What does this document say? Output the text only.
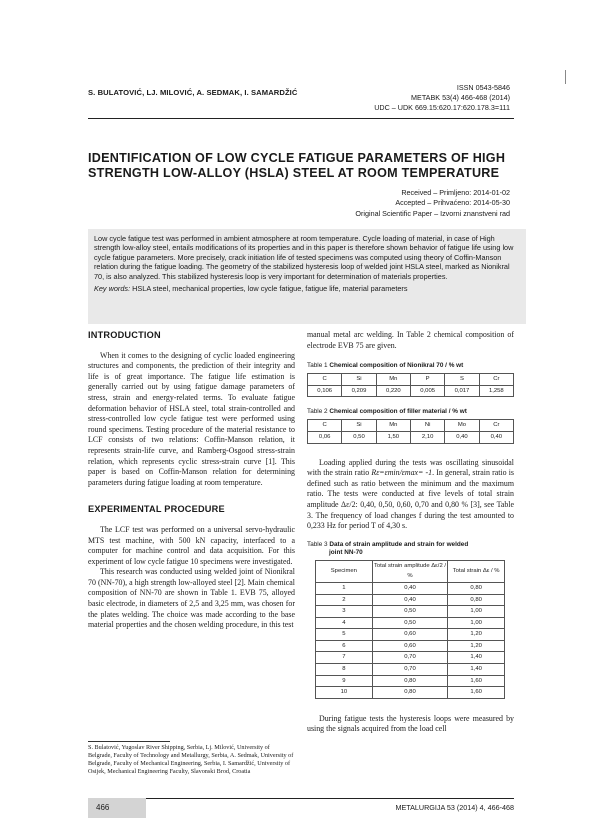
S. BULATOVIĆ, LJ. MILOVIĆ, A. SEDMAK, I. SAMARDŽIĆ
ISSN 0543-5846
METABK 53(4) 466-468 (2014)
UDC – UDK 669.15:620.17:620.178.3=111
IDENTIFICATION OF LOW CYCLE FATIGUE PARAMETERS OF HIGH STRENGTH LOW-ALLOY (HSLA) STEEL AT ROOM TEMPERATURE
Received – Primljeno: 2014-01-02
Accepted – Prihvaćeno: 2014-05-30
Original Scientific Paper – Izvorni znanstveni rad

Low cycle fatigue test was performed in ambient atmosphere at room temperature. Cycle loading of material, in case of High strength low-alloy steel, entails modifications of its properties and in this paper is therefore shown behavior of fatigue life using low cycle fatigue parameters. More precisely, crack initiation life of tested specimens was computed using theory of Coffin-Manson relation during the fatigue loading. The geometry of the stabilized hysteresis loop of welded joint HSLA steel, marked as Nionikral 70, is also analyzed. This stabilized hysteresis loop is very important for determination of materials properties.

Key words: HSLA steel, mechanical properties, low cycle fatigue, fatigue life, material parameters

INTRODUCTION

When it comes to the designing of cyclic loaded engineering structures and components, the prediction of their integrity and life is of great importance. The fatigue life estimation is generally carried out by using fatigue damage parameters of stress, strain and energy-related terms. To evaluate fatigue deformation behavior of HSLA steel, total strain-controlled and stress-controlled low cycle fatigue test were performed using round specimens. Testing procedure of the material resistance to LCF consists of two relations: Coffin-Manson relation, it represents strain-life curve, and Ramberg-Osgood stress-strain relation, which represents cyclic stress-strain curve [1]. This paper is based on Coffin-Manson relation for determining parameters during fatigue loading at room temperature.

EXPERIMENTAL PROCEDURE

The LCF test was performed on a universal servo-hydraulic MTS test machine, with 500 kN capacity, interfaced to a computer for machine control and data acquisition. For this experiment of low cycle fatigue 10 specimens were investigated.

This research was conducted using welded joint of Nionikral 70 (NN-70), a high strength low-alloyed steel [2]. Main chemical composition of NN-70 are shown in Table 1. EVB 75, alloyed basic electrode, in diameters of 2,5 and 3,25 mm, was chosen for the plates welding. The choice was made according to the base material properties and the chosen welding procedure, in this test

S. Bulatović, Yugoslav River Shipping, Serbia, Lj. Milović, University of Belgrade, Faculty of Technology and Metallurgy, Serbia, A. Sedmak, University of Belgrade, Faculty of Mechanical Engineering, Serbia, I. Samardžić, University of Osijek, Mechanical Engineering Faculty, Slavonski Brod, Croatia

manual metal arc welding. In Table 2 chemical composition of electrode EVB 75 are given.

Table 1 Chemical composition of Nionikral 70 / % wt
C	Si	Mn	P	S	Cr
0,106	0,209	0,220	0,005	0,017	1,258
Table 2 Chemical composition of filler material / % wt
C	Si	Mn	Ni	Mo	Cr
0,06	0,50	1,50	2,10	0,40	0,40

Loading applied during the tests was oscillating sinusoidal with the strain ratio Rε=εmin/εmax= -1. In general, strain ratio is defined such as ratio between the minimum and the maximum ratio. The tests were conducted at five levels of total strain amplitude Δε/2: 0,40, 0,50, 0,60, 0,70 and 0,80 % [3], see Table 3. The frequency of load changes f during the test amounted to 0,233 Hz for period T of 4,30 s.

Table 3 Data of strain amplitude and strain for welded
joint NN-70
Specimen	Total strain amplitude Δε/2 / %	Total strain Δε / %
1	0,40	0,80
2	0,40	0,80
3	0,50	1,00
4	0,50	1,00
5	0,60	1,20
6	0,60	1,20
7	0,70	1,40
8	0,70	1,40
9	0,80	1,60
10	0,80	1,60

During fatigue tests the hysteresis loops were measured by using the signals acquired from the load cell

466	METALURGIJA 53 (2014) 4, 466-468
